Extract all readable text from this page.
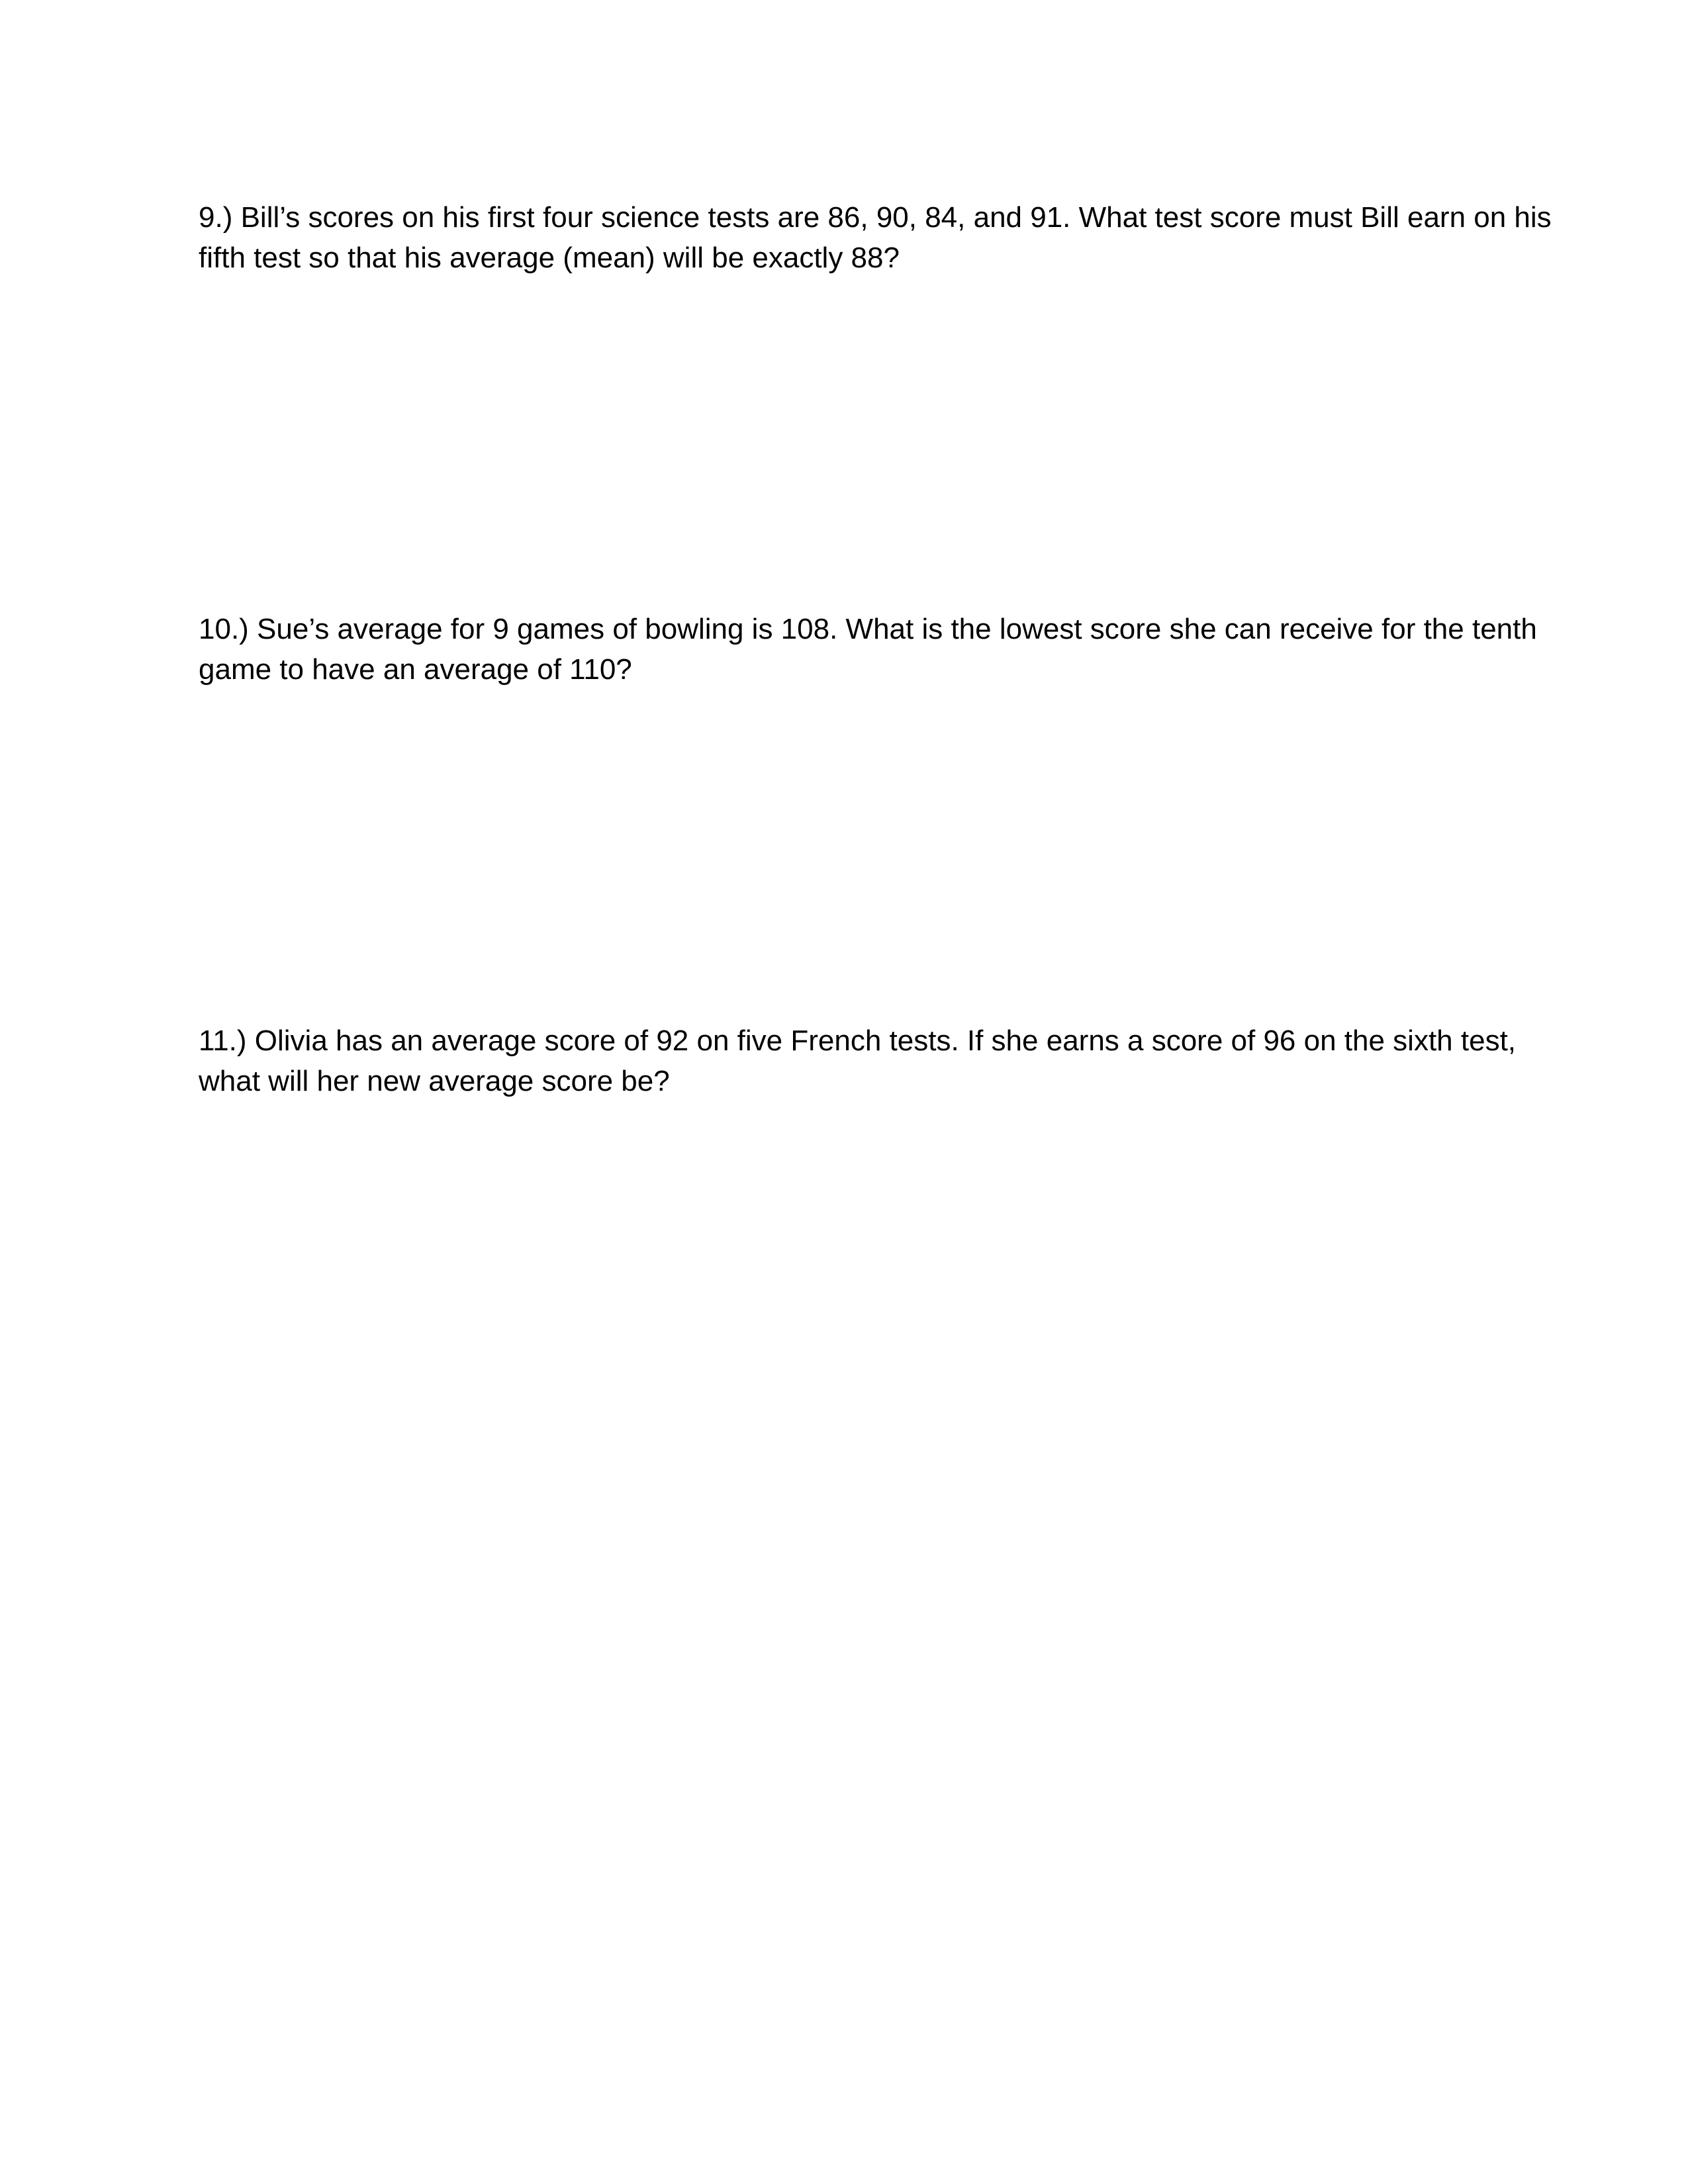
9.) Bill’s scores on his first four science tests are 86, 90, 84, and 91. What test score must Bill earn on his
fifth test so that his average (mean) will be exactly 88?
10.) Sue’s average for 9 games of bowling is 108. What is the lowest score she can receive for the tenth
game to have an average of 110?
11.) Olivia has an average score of 92 on five French tests. If she earns a score of 96 on the sixth test,
what will her new average score be?
